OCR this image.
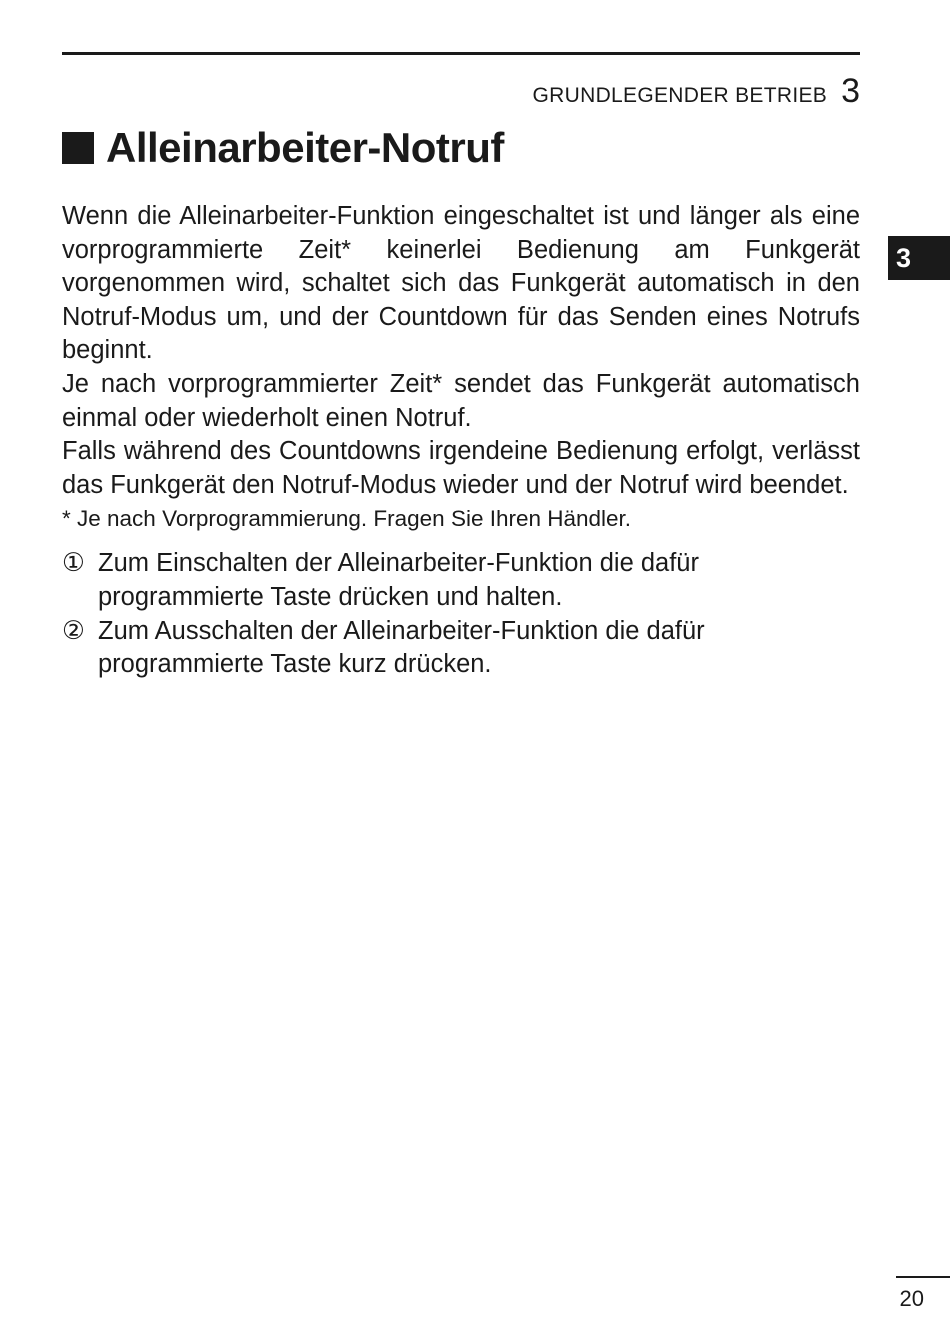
GRUNDLEGENDER BETRIEB 3
Alleinarbeiter-Notruf
3

Wenn die Alleinarbeiter-Funktion eingeschaltet ist und länger als eine vorprogrammierte Zeit* keinerlei Bedienung am Funkgerät vorgenommen wird, schaltet sich das Funkgerät automatisch in den Notruf-Modus um, und der Countdown für das Senden eines Notrufs beginnt.

Je nach vorprogrammierter Zeit* sendet das Funkgerät automatisch einmal oder wiederholt einen Notruf.

Falls während des Countdowns irgendeine Bedienung erfolgt, verlässt das Funkgerät den Notruf-Modus wieder und der Notruf wird beendet.

* Je nach Vorprogrammierung. Fragen Sie Ihren Händler.

① Zum Einschalten der Alleinarbeiter-Funktion die dafür programmierte Taste drücken und halten.
② Zum Ausschalten der Alleinarbeiter-Funktion die dafür programmierte Taste kurz drücken.
20
